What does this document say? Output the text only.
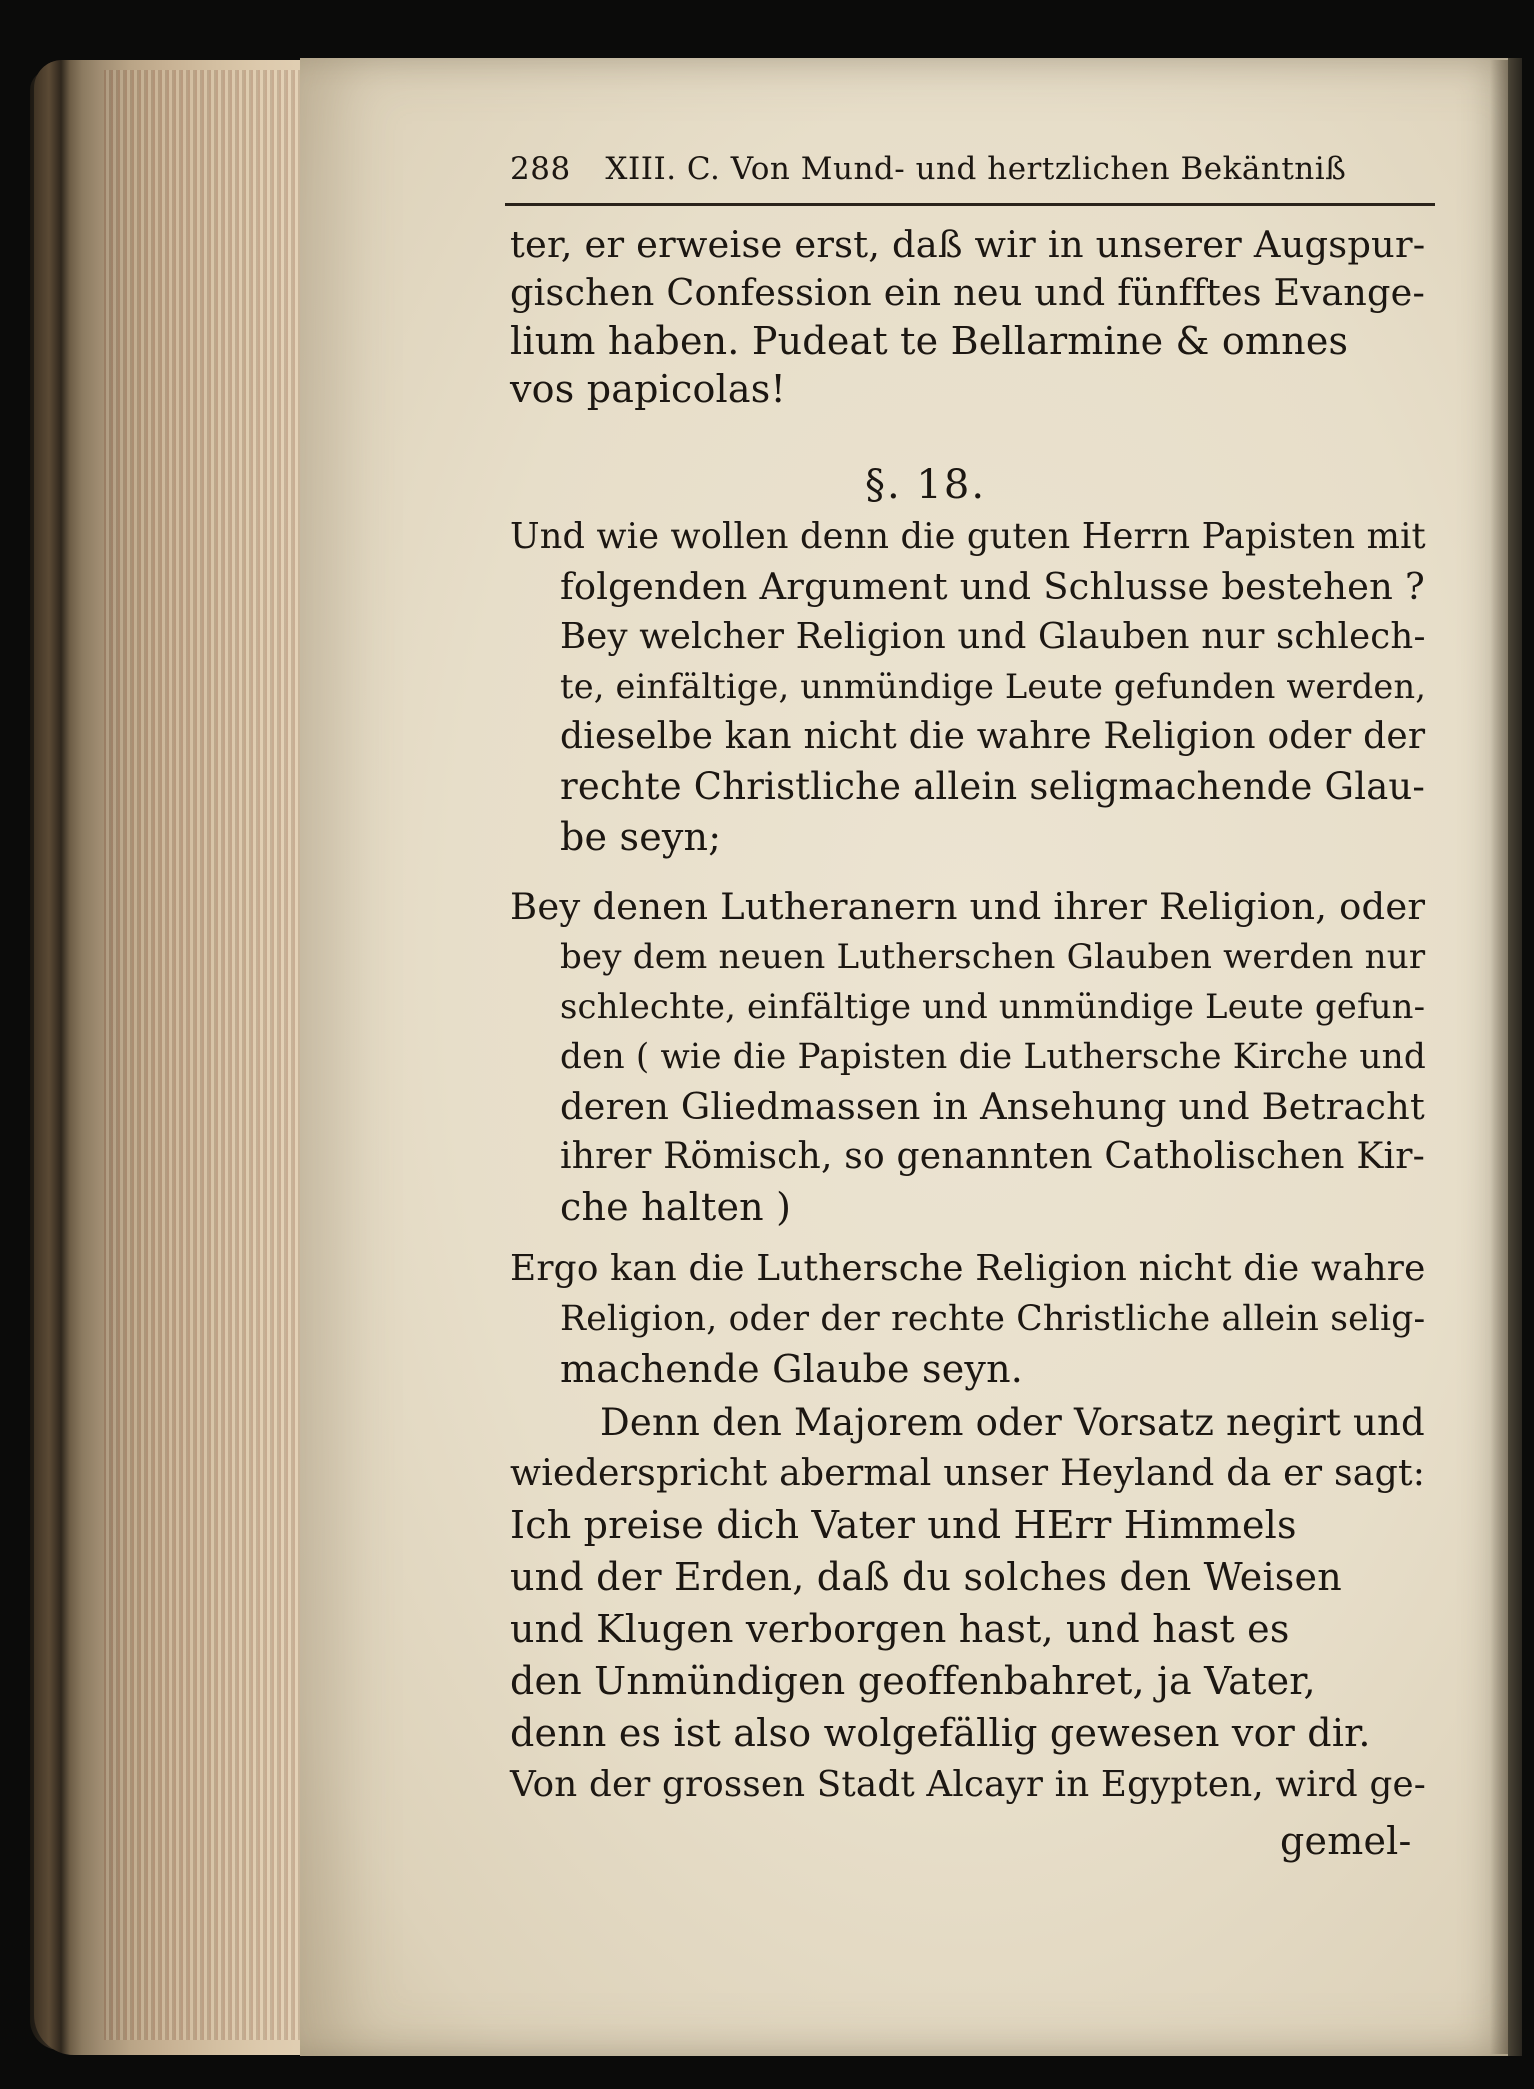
288 XIII. C. Von Mund- und hertzlichen Bekäntniß
ter, er erweise erst, daß wir in unserer Augspur-
gischen Confession ein neu und fünfftes Evange-
lium haben. Pudeat te Bellarmine & omnes
vos papicolas!
§. 18.
Und wie wollen denn die guten Herrn Papisten mit
folgenden Argument und Schlusse bestehen ?
Bey welcher Religion und Glauben nur schlech-
te, einfältige, unmündige Leute gefunden werden,
dieselbe kan nicht die wahre Religion oder der
rechte Christliche allein seligmachende Glau-
be seyn;
Bey denen Lutheranern und ihrer Religion, oder
bey dem neuen Lutherschen Glauben werden nur
schlechte, einfältige und unmündige Leute gefun-
den ( wie die Papisten die Luthersche Kirche und
deren Gliedmassen in Ansehung und Betracht
ihrer Römisch, so genannten Catholischen Kir-
che halten )
Ergo kan die Luthersche Religion nicht die wahre
Religion, oder der rechte Christliche allein selig-
machende Glaube seyn.
Denn den Majorem oder Vorsatz negirt und
wiederspricht abermal unser Heyland da er sagt:
Ich preise dich Vater und HErr Himmels
und der Erden, daß du solches den Weisen
und Klugen verborgen hast, und hast es
den Unmündigen geoffenbahret, ja Vater,
denn es ist also wolgefällig gewesen vor dir.
Von der grossen Stadt Alcayr in Egypten, wird ge-
gemel-
